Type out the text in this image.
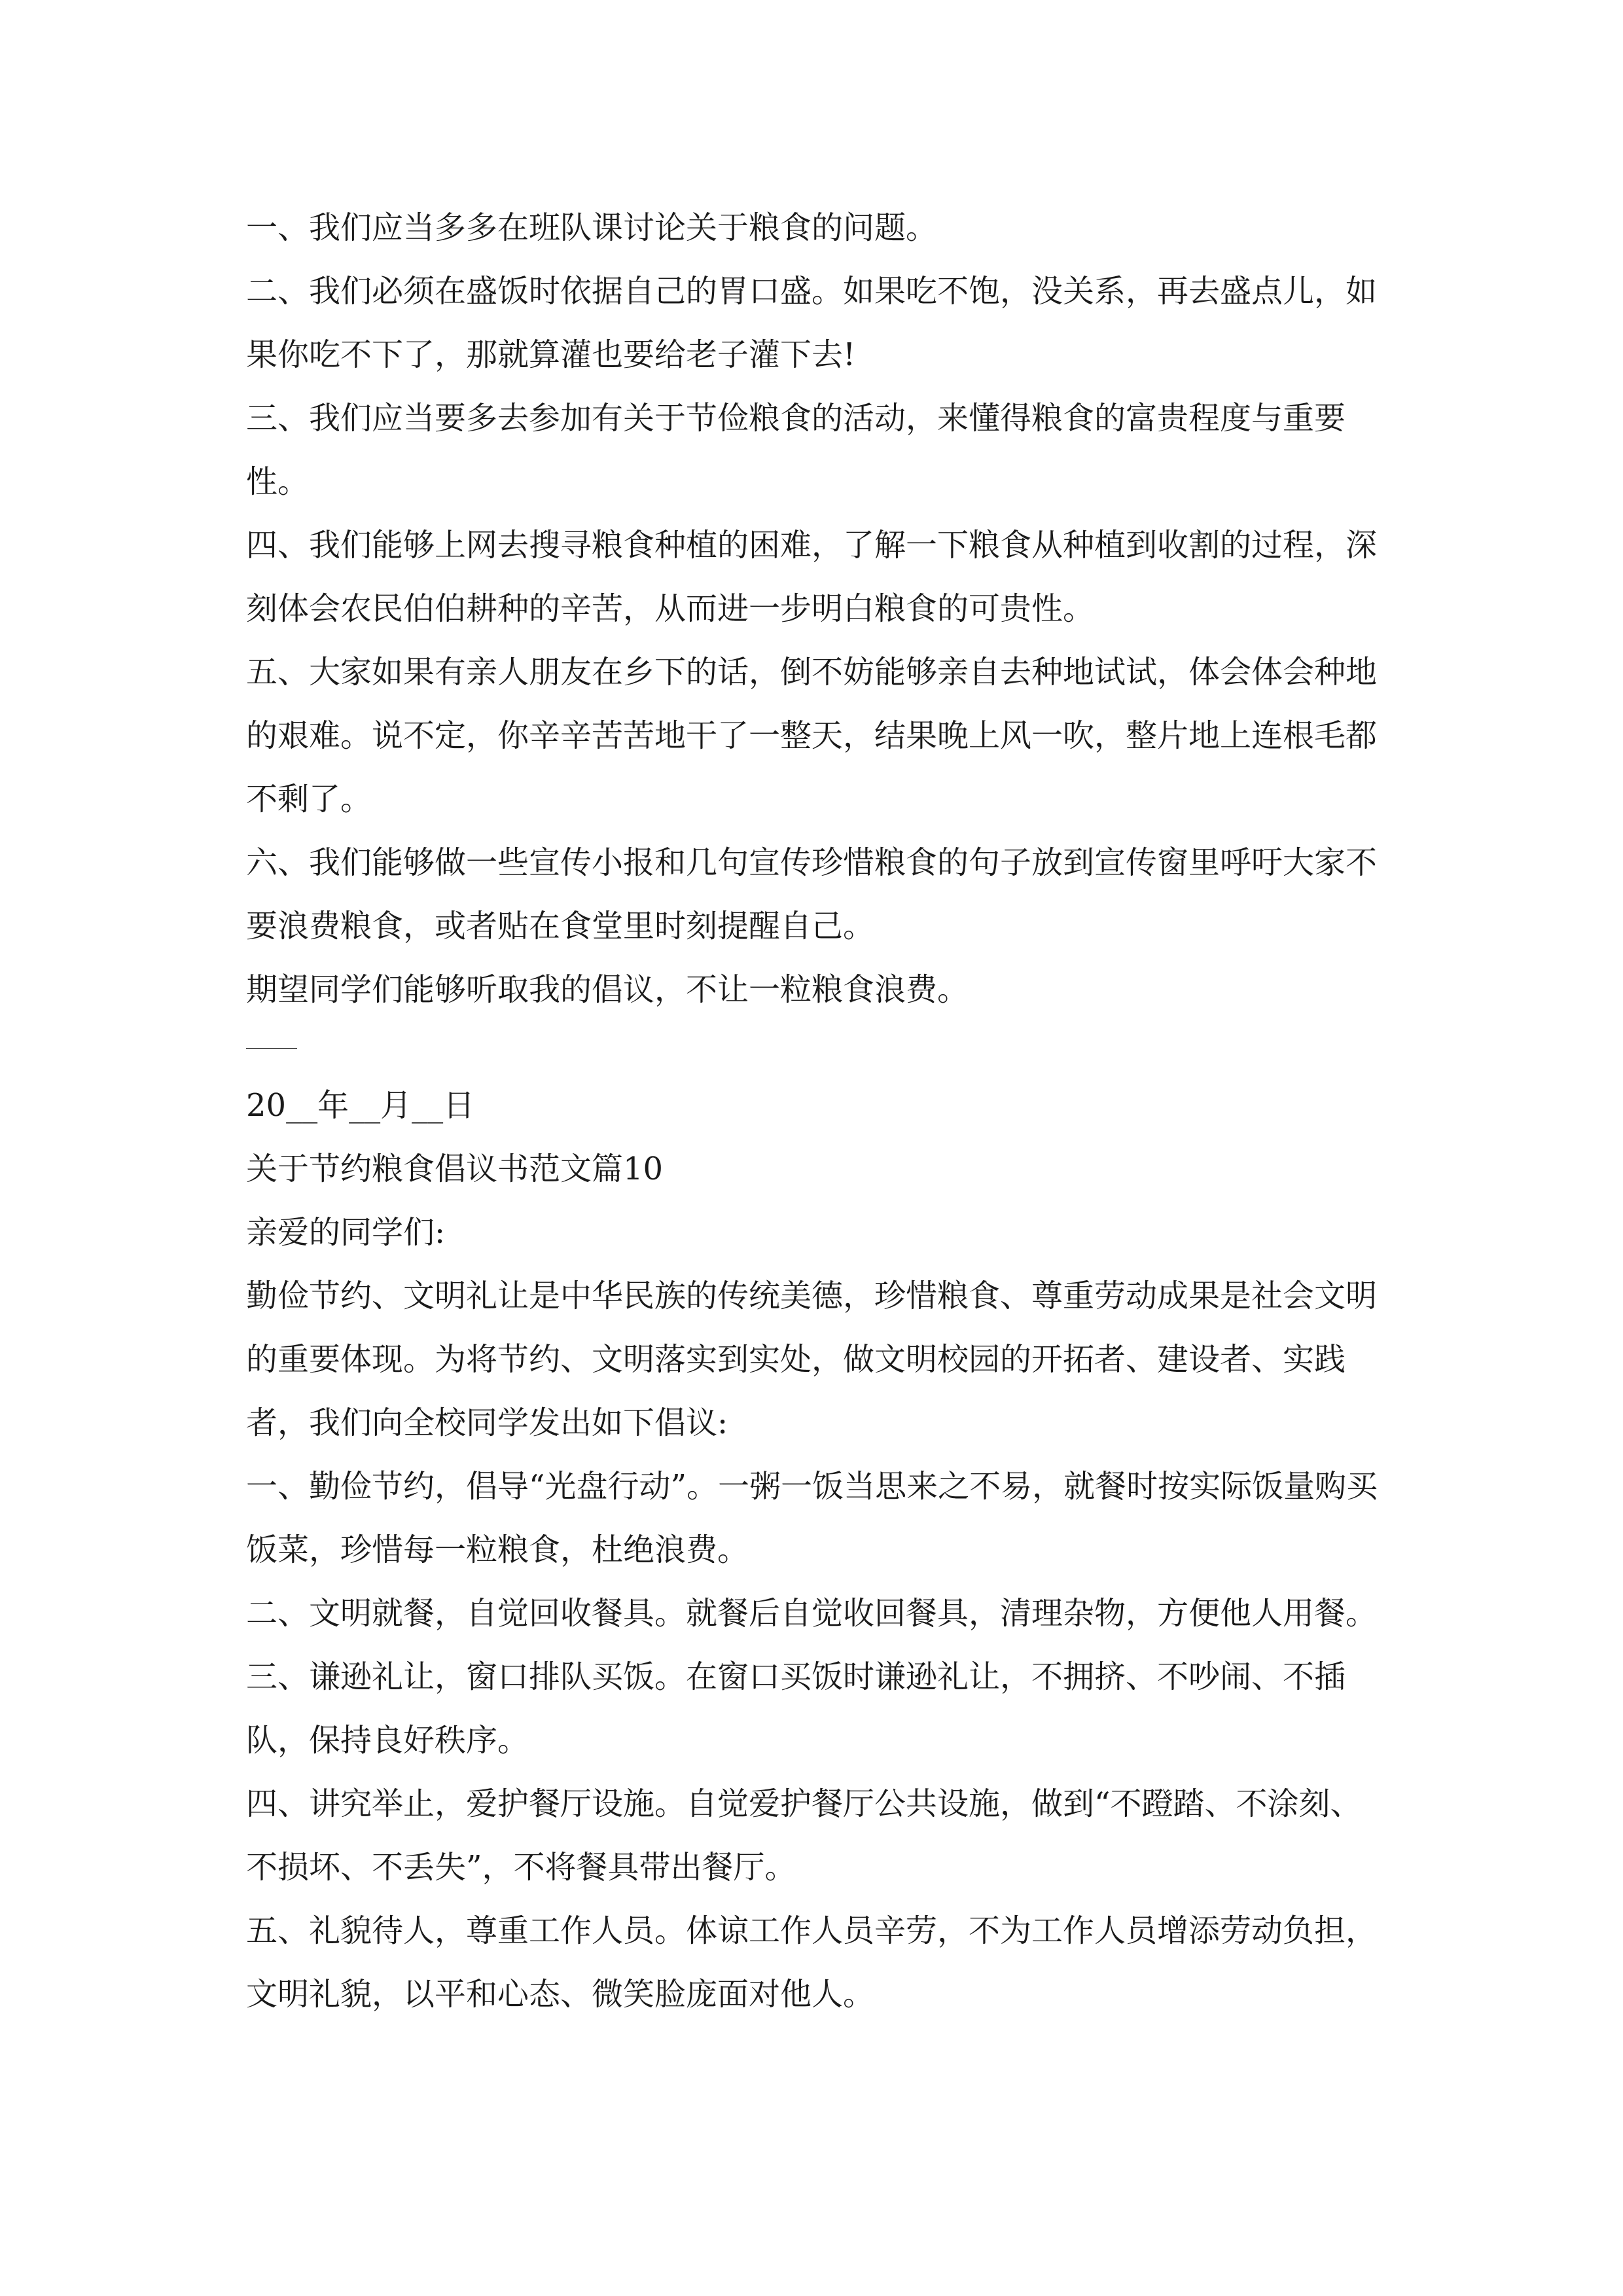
一、我们应当多多在班队课讨论关于粮食的问题。

二、我们必须在盛饭时依据自己的胃口盛。如果吃不饱，没关系，再去盛点儿，如果你吃不下了，那就算灌也要给老子灌下去!

三、我们应当要多去参加有关于节俭粮食的活动，来懂得粮食的富贵程度与重要性。

四、我们能够上网去搜寻粮食种植的困难，了解一下粮食从种植到收割的过程，深刻体会农民伯伯耕种的辛苦，从而进一步明白粮食的可贵性。

五、大家如果有亲人朋友在乡下的话，倒不妨能够亲自去种地试试，体会体会种地的艰难。说不定，你辛辛苦苦地干了一整天，结果晚上风一吹，整片地上连根毛都不剩了。

六、我们能够做一些宣传小报和几句宣传珍惜粮食的句子放到宣传窗里呼吁大家不要浪费粮食，或者贴在食堂里时刻提醒自己。

期望同学们能够听取我的倡议，不让一粒粮食浪费。

20__年__月__日

关于节约粮食倡议书范文篇10

亲爱的同学们:

勤俭节约、文明礼让是中华民族的传统美德，珍惜粮食、尊重劳动成果是社会文明的重要体现。为将节约、文明落实到实处，做文明校园的开拓者、建设者、实践者，我们向全校同学发出如下倡议:

一、勤俭节约，倡导“光盘行动”。一粥一饭当思来之不易，就餐时按实际饭量购买饭菜，珍惜每一粒粮食，杜绝浪费。

二、文明就餐，自觉回收餐具。就餐后自觉收回餐具，清理杂物，方便他人用餐。

三、谦逊礼让，窗口排队买饭。在窗口买饭时谦逊礼让，不拥挤、不吵闹、不插队，保持良好秩序。

四、讲究举止，爱护餐厅设施。自觉爱护餐厅公共设施，做到“不蹬踏、不涂刻、不损坏、不丢失”，不将餐具带出餐厅。

五、礼貌待人，尊重工作人员。体谅工作人员辛劳，不为工作人员增添劳动负担，文明礼貌，以平和心态、微笑脸庞面对他人。
